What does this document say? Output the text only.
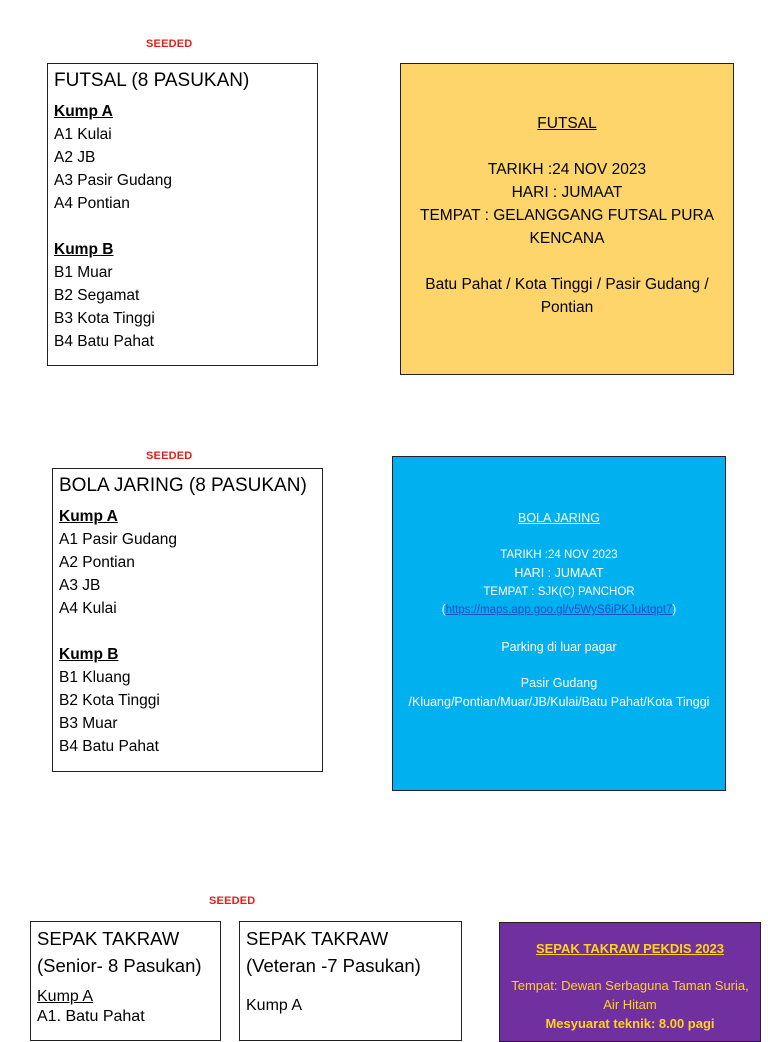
SEEDED
FUTSAL (8 PASUKAN)
Kump A
A1 Kulai
A2 JB
A3 Pasir Gudang
A4 Pontian
Kump B
B1 Muar
B2 Segamat
B3 Kota Tinggi
B4 Batu Pahat
FUTSAL
TARIKH :24 NOV 2023
HARI : JUMAAT
TEMPAT : GELANGGANG FUTSAL PURA KENCANA
Batu Pahat / Kota Tinggi / Pasir Gudang / Pontian
SEEDED
BOLA JARING (8 PASUKAN)
Kump A
A1 Pasir Gudang
A2 Pontian
A3 JB
A4 Kulai
Kump B
B1 Kluang
B2 Kota Tinggi
B3 Muar
B4 Batu Pahat
BOLA JARING
TARIKH :24 NOV 2023
HARI : JUMAAT
TEMPAT : SJK(C) PANCHOR
(https://maps.app.goo.gl/v5WyS6iPKJuktqpt7)
Parking di luar pagar
Pasir Gudang
/Kluang/Pontian/Muar/JB/Kulai/Batu Pahat/Kota Tinggi
SEEDED
SEPAK TAKRAW
(Senior- 8 Pasukan)
Kump A
A1. Batu Pahat
SEPAK TAKRAW
(Veteran -7 Pasukan)
Kump A
SEPAK TAKRAW PEKDIS 2023
Tempat: Dewan Serbaguna Taman Suria, Air Hitam
Mesyuarat teknik: 8.00 pagi
